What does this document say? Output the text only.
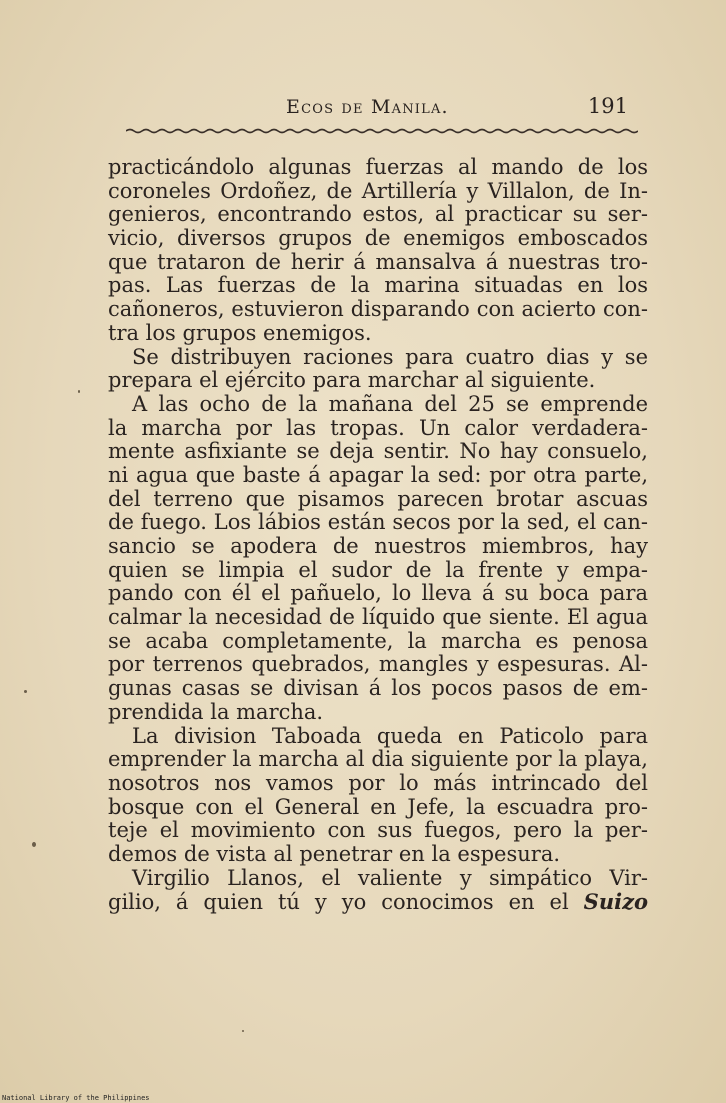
Ecos de Manila.	191
practicándolo algunas fuerzas al mando de los
coroneles Ordoñez, de Artillería y Villalon, de In-
genieros, encontrando estos, al practicar su ser-
vicio, diversos grupos de enemigos emboscados
que trataron de herir á mansalva á nuestras tro-
pas. Las fuerzas de la marina situadas en los
cañoneros, estuvieron disparando con acierto con-
tra los grupos enemigos.
Se distribuyen raciones para cuatro dias y se
prepara el ejército para marchar al siguiente.
A las ocho de la mañana del 25 se emprende
la marcha por las tropas. Un calor verdadera-
mente asfixiante se deja sentir. No hay consuelo,
ni agua que baste á apagar la sed: por otra parte,
del terreno que pisamos parecen brotar ascuas
de fuego. Los lábios están secos por la sed, el can-
sancio se apodera de nuestros miembros, hay
quien se limpia el sudor de la frente y empa-
pando con él el pañuelo, lo lleva á su boca para
calmar la necesidad de líquido que siente. El agua
se acaba completamente, la marcha es penosa
por terrenos quebrados, mangles y espesuras. Al-
gunas casas se divisan á los pocos pasos de em-
prendida la marcha.
La division Taboada queda en Paticolo para
emprender la marcha al dia siguiente por la playa,
nosotros nos vamos por lo más intrincado del
bosque con el General en Jefe, la escuadra pro-
teje el movimiento con sus fuegos, pero la per-
demos de vista al penetrar en la espesura.
Virgilio Llanos, el valiente y simpático Vir-
gilio, á quien tú y yo conocimos en el Suizo
National Library of the Philippines
